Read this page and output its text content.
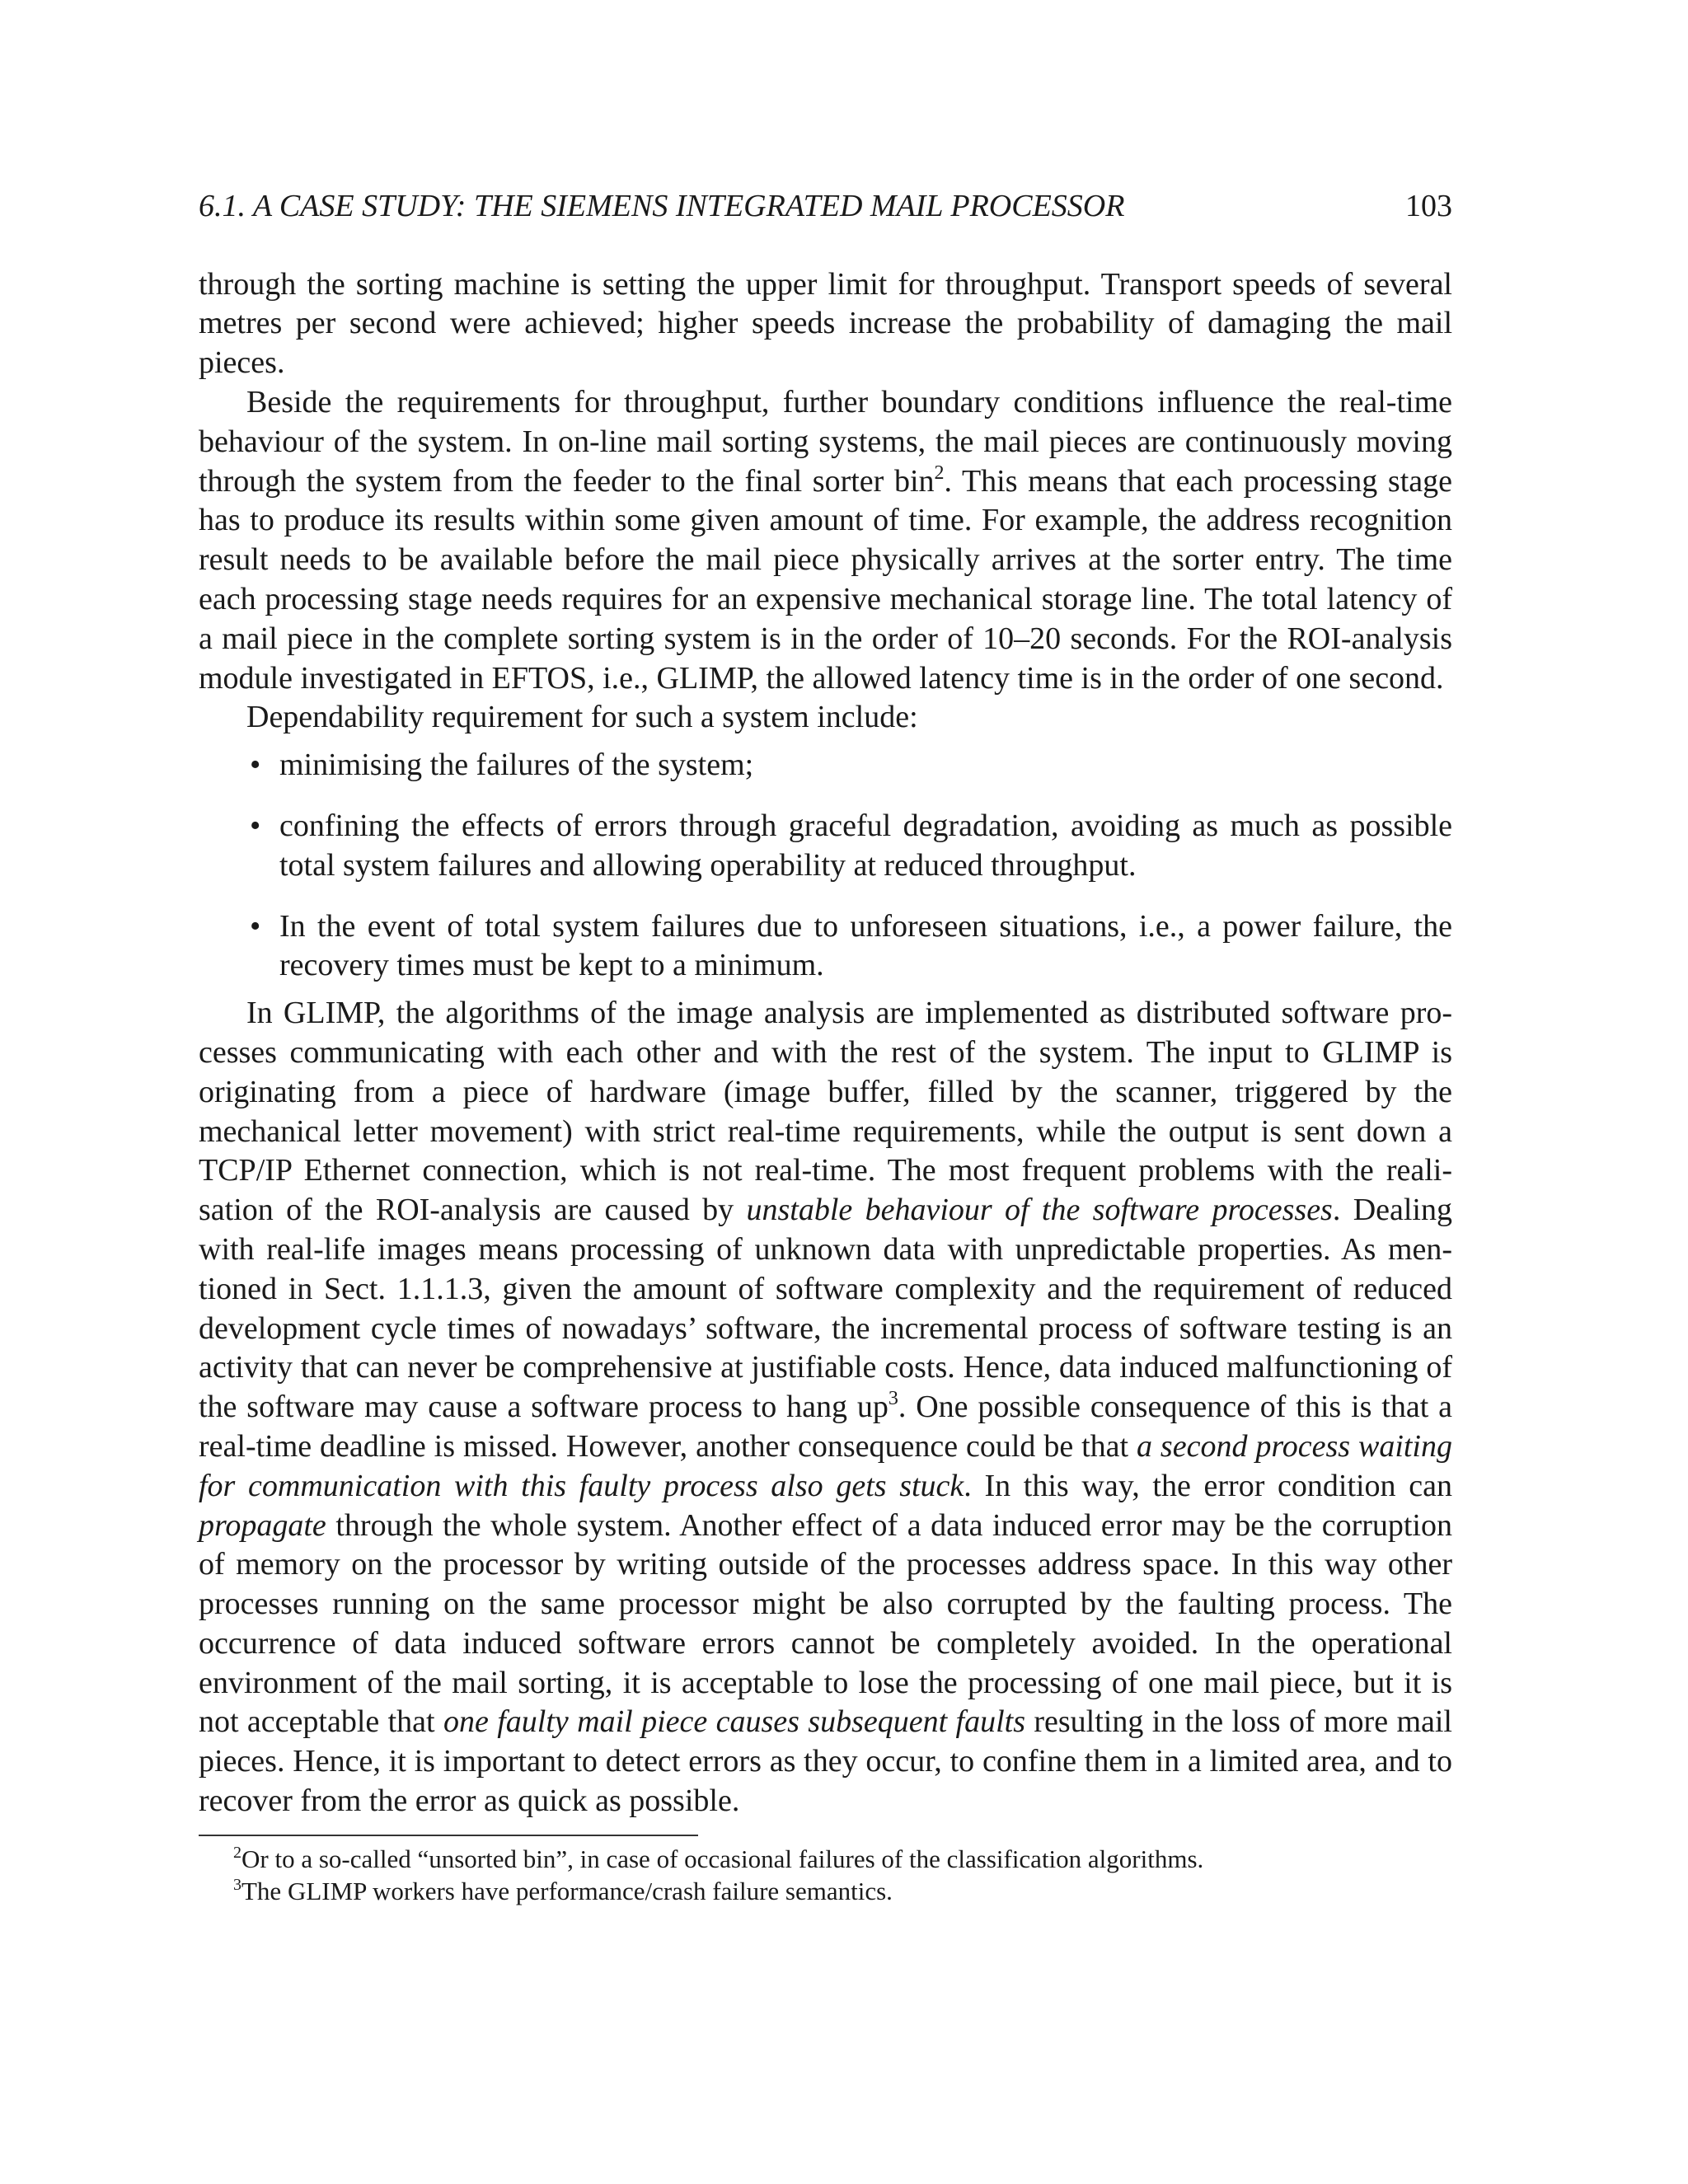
6.1. A CASE STUDY: THE SIEMENS INTEGRATED MAIL PROCESSOR	103

through the sorting machine is setting the upper limit for throughput. Transport speeds of several metres per second were achieved; higher speeds increase the probability of damaging the mail pieces.

Beside the requirements for throughput, further boundary conditions influence the real-time behaviour of the system. In on-line mail sorting systems, the mail pieces are continuously moving through the system from the feeder to the final sorter bin$^2$. This means that each processing stage has to produce its results within some given amount of time. For example, the address recognition result needs to be available before the mail piece physically arrives at the sorter entry. The time each processing stage needs requires for an expensive mechanical storage line. The total latency of a mail piece in the complete sorting system is in the order of 10–20 seconds. For the ROI-analysis module investigated in EFTOS, i.e., GLIMP, the allowed latency time is in the order of one second.

Dependability requirement for such a system include:

• minimising the failures of the system;
• confining the effects of errors through graceful degradation, avoiding as much as possible total system failures and allowing operability at reduced throughput.
• In the event of total system failures due to unforeseen situations, i.e., a power failure, the recovery times must be kept to a minimum.

In GLIMP, the algorithms of the image analysis are implemented as distributed software processes communicating with each other and with the rest of the system. The input to GLIMP is originating from a piece of hardware (image buffer, filled by the scanner, triggered by the mechanical letter movement) with strict real-time requirements, while the output is sent down a TCP/IP Ethernet connection, which is not real-time. The most frequent problems with the realisation of the ROI-analysis are caused by unstable behaviour of the software processes. Dealing with real-life images means processing of unknown data with unpredictable properties. As mentioned in Sect. 1.1.1.3, given the amount of software complexity and the requirement of reduced development cycle times of nowadays’ software, the incremental process of software testing is an activity that can never be comprehensive at justifiable costs. Hence, data induced malfunctioning of the software may cause a software process to hang $up^3$. One possible consequence of this is that a real-time deadline is missed. However, another consequence could be that a second process waiting for communication with this faulty process also gets stuck. In this way, the error condition can propagate through the whole system. Another effect of a data induced error may be the corruption of memory on the processor by writing outside of the processes address space. In this way other processes running on the same processor might be also corrupted by the faulting process. The occurrence of data induced software errors cannot be completely avoided. In the operational environment of the mail sorting, it is acceptable to lose the processing of one mail piece, but it is not acceptable that one faulty mail piece causes subsequent faults resulting in the loss of more mail pieces. Hence, it is important to detect errors as they occur, to confine them in a limited area, and to recover from the error as quick as possible.

$^2$Or to a so-called “unsorted bin”, in case of occasional failures of the classification algorithms.

$^3$The GLIMP workers have performance/crash failure semantics.
